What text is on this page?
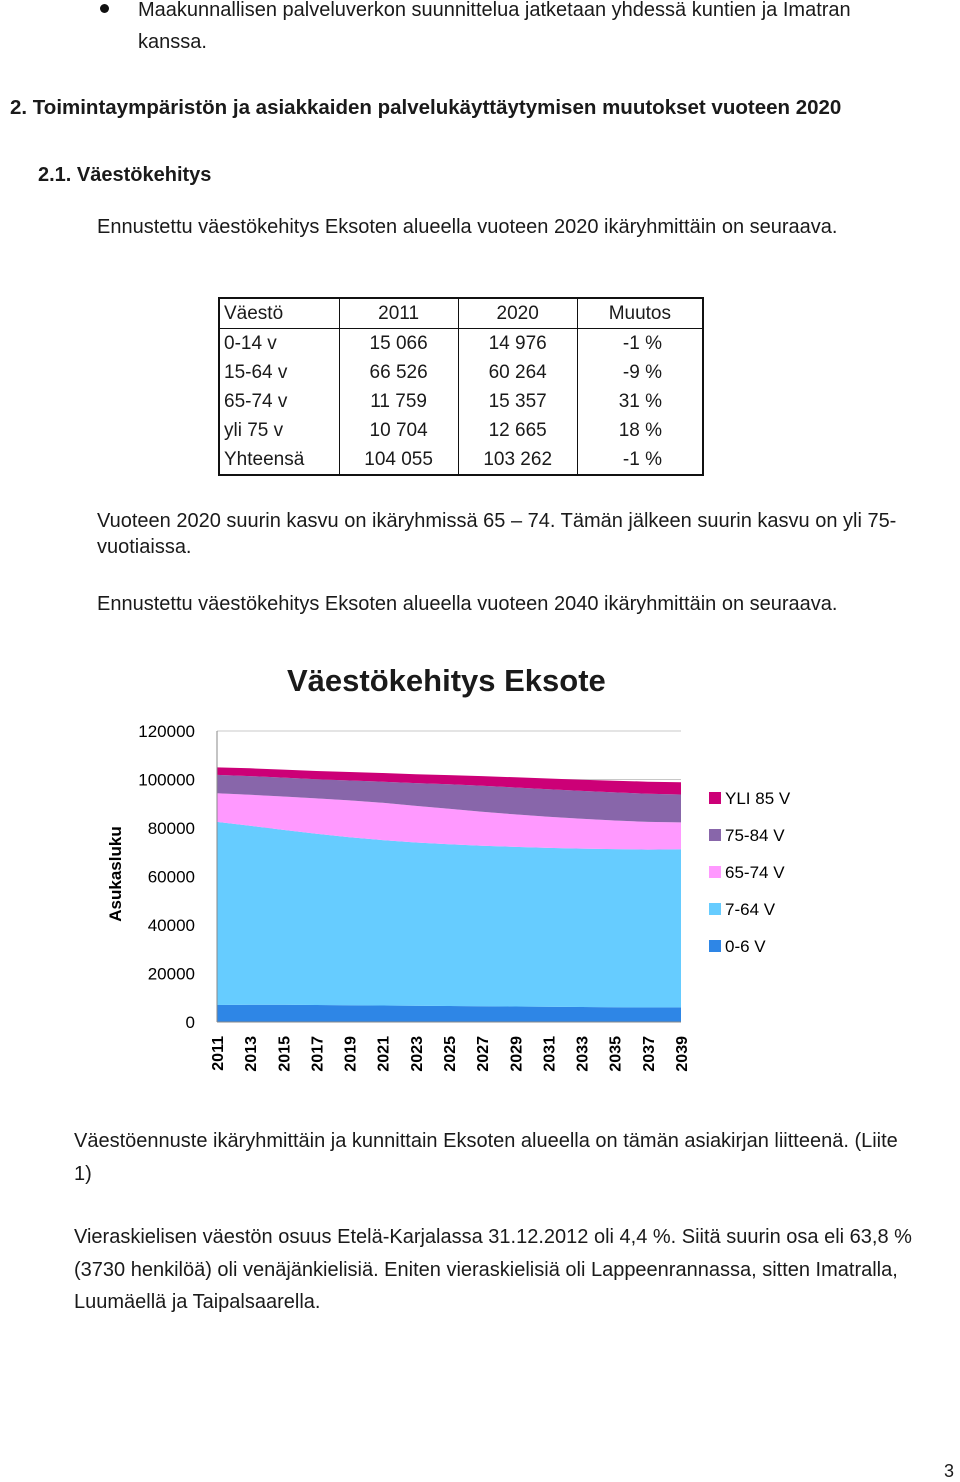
Maakunnallisen palveluverkon suunnittelua jatketaan yhdessä kuntien ja Imatran
kanssa.
2. Toimintaympäristön ja asiakkaiden palvelukäyttäytymisen muutokset vuoteen 2020
2.1. Väestökehitys
Ennustettu väestökehitys Eksoten alueella vuoteen 2020 ikäryhmittäin on seuraava.
Väestö	2011	2020	Muutos
0-14 v	15 066	14 976	-1 %
15-64 v	66 526	60 264	-9 %
65-74 v	11 759	15 357	31 %
yli 75 v	10 704	12 665	18 %
Yhteensä	104 055	103 262	-1 %
Vuoteen 2020 suurin kasvu on ikäryhmissä 65 – 74. Tämän jälkeen suurin kasvu on yli 75-
vuotiaissa.
Ennustettu väestökehitys Eksoten alueella vuoteen 2040 ikäryhmittäin on seuraava.
Väestökehitys Eksote
0
20000
40000
60000
80000
100000
120000
2011 2013 2015 2017 2019 2021 2023 2025 2027 2029 2031 2033 2035 2037 2039
Asukasluku
YLI 85 V
75-84 V
65-74 V
7-64 V
0-6 V
Väestöennuste ikäryhmittäin ja kunnittain Eksoten alueella on tämän asiakirjan liitteenä. (Liite
1)
Vieraskielisen väestön osuus Etelä-Karjalassa 31.12.2012 oli 4,4 %. Siitä suurin osa eli 63,8 %
(3730 henkilöä) oli venäjänkielisiä. Eniten vieraskielisiä oli Lappeenrannassa, sitten Imatralla,
Luumäellä ja Taipalsaarella.
3
